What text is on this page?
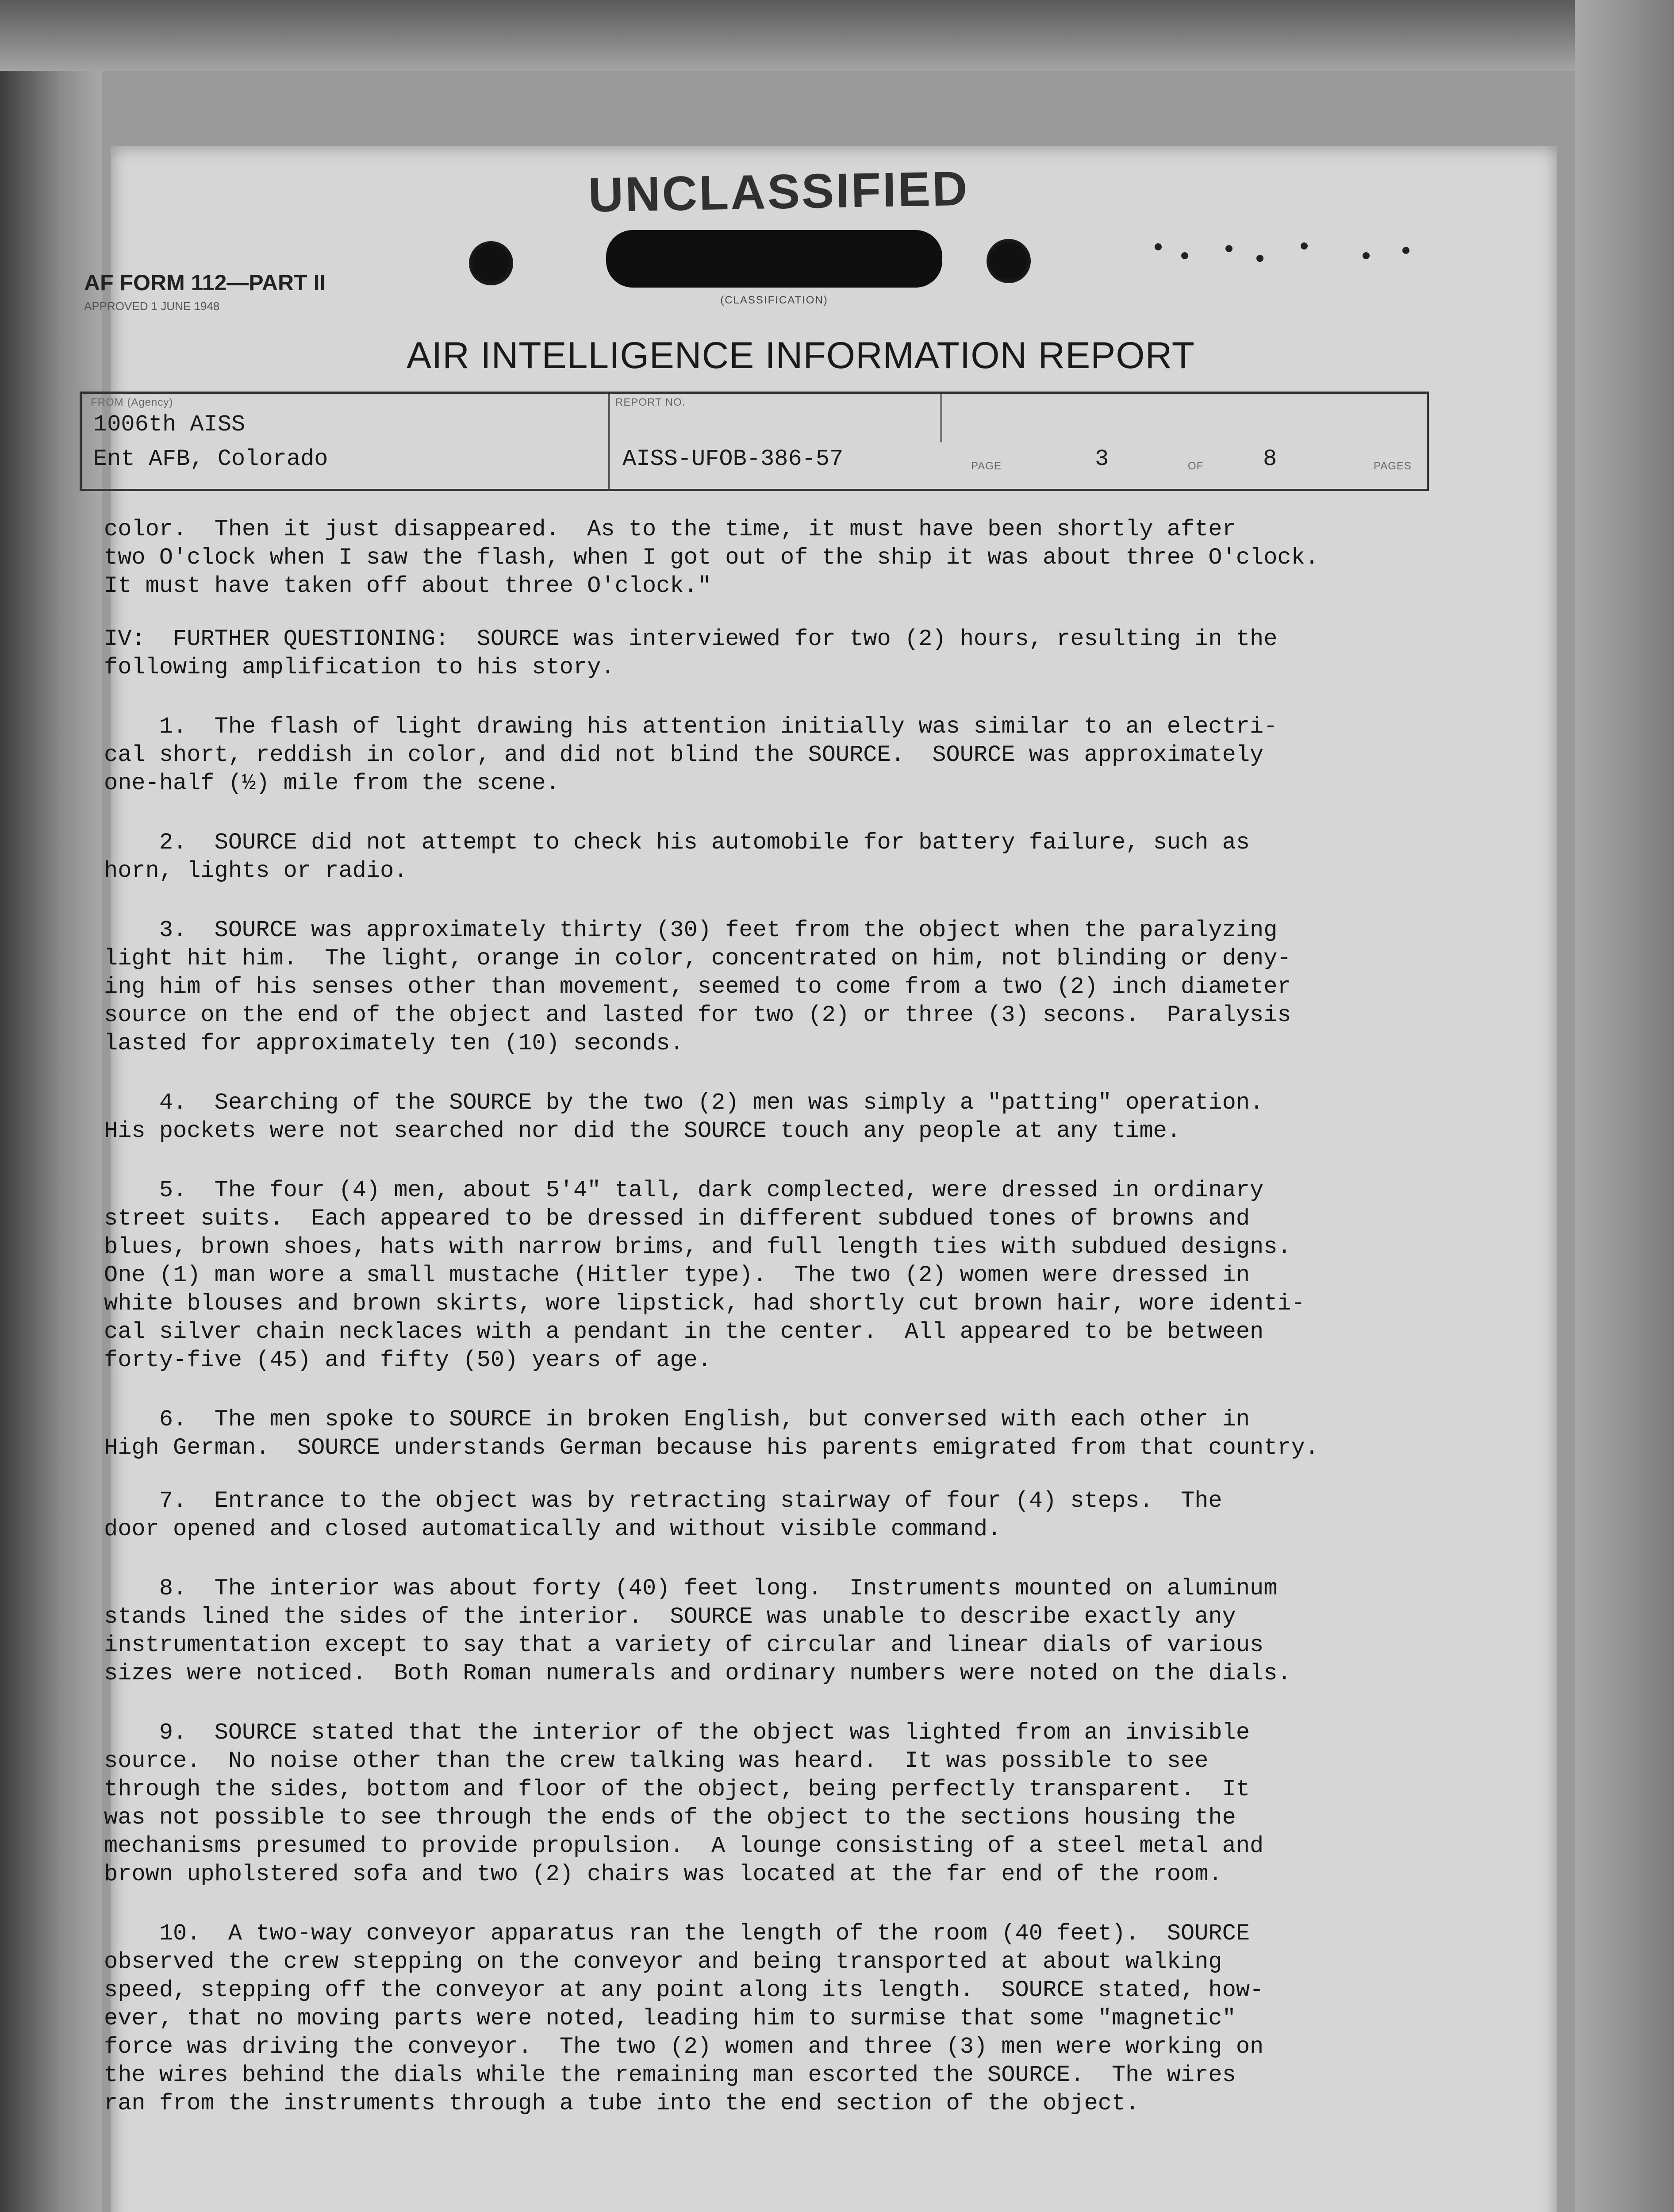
UNCLASSIFIED
(CLASSIFICATION)
AF FORM 112—PART II
APPROVED 1 JUNE 1948
AIR INTELLIGENCE INFORMATION REPORT
FROM (Agency)
1006th AISS
Ent AFB, Colorado
REPORT NO.
AISS-UFOB-386-57	PAGE	3	OF	8	PAGES

color.  Then it just disappeared.  As to the time, it must have been shortly after
two O'clock when I saw the flash, when I got out of the ship it was about three O'clock.
It must have taken off about three O'clock."

IV:  FURTHER QUESTIONING:  SOURCE was interviewed for two (2) hours, resulting in the
following amplification to his story.

1.  The flash of light drawing his attention initially was similar to an electri-
cal short, reddish in color, and did not blind the SOURCE.  SOURCE was approximately
one-half (½) mile from the scene.

2.  SOURCE did not attempt to check his automobile for battery failure, such as
horn, lights or radio.

3.  SOURCE was approximately thirty (30) feet from the object when the paralyzing
light hit him.  The light, orange in color, concentrated on him, not blinding or deny-
ing him of his senses other than movement, seemed to come from a two (2) inch diameter
source on the end of the object and lasted for two (2) or three (3) secons.  Paralysis
lasted for approximately ten (10) seconds.

4.  Searching of the SOURCE by the two (2) men was simply a "patting" operation.
His pockets were not searched nor did the SOURCE touch any people at any time.

5.  The four (4) men, about 5'4" tall, dark complected, were dressed in ordinary
street suits.  Each appeared to be dressed in different subdued tones of browns and
blues, brown shoes, hats with narrow brims, and full length ties with subdued designs.
One (1) man wore a small mustache (Hitler type).  The two (2) women were dressed in
white blouses and brown skirts, wore lipstick, had shortly cut brown hair, wore identi-
cal silver chain necklaces with a pendant in the center.  All appeared to be between
forty-five (45) and fifty (50) years of age.

6.  The men spoke to SOURCE in broken English, but conversed with each other in
High German.  SOURCE understands German because his parents emigrated from that country.

7.  Entrance to the object was by retracting stairway of four (4) steps.  The
door opened and closed automatically and without visible command.

8.  The interior was about forty (40) feet long.  Instruments mounted on aluminum
stands lined the sides of the interior.  SOURCE was unable to describe exactly any
instrumentation except to say that a variety of circular and linear dials of various
sizes were noticed.  Both Roman numerals and ordinary numbers were noted on the dials.

9.  SOURCE stated that the interior of the object was lighted from an invisible
source.  No noise other than the crew talking was heard.  It was possible to see
through the sides, bottom and floor of the object, being perfectly transparent.  It
was not possible to see through the ends of the object to the sections housing the
mechanisms presumed to provide propulsion.  A lounge consisting of a steel metal and
brown upholstered sofa and two (2) chairs was located at the far end of the room.

10.  A two-way conveyor apparatus ran the length of the room (40 feet).  SOURCE
observed the crew stepping on the conveyor and being transported at about walking
speed, stepping off the conveyor at any point along its length.  SOURCE stated, how-
ever, that no moving parts were noted, leading him to surmise that some "magnetic"
force was driving the conveyor.  The two (2) women and three (3) men were working on
the wires behind the dials while the remaining man escorted the SOURCE.  The wires
ran from the instruments through a tube into the end section of the object.
